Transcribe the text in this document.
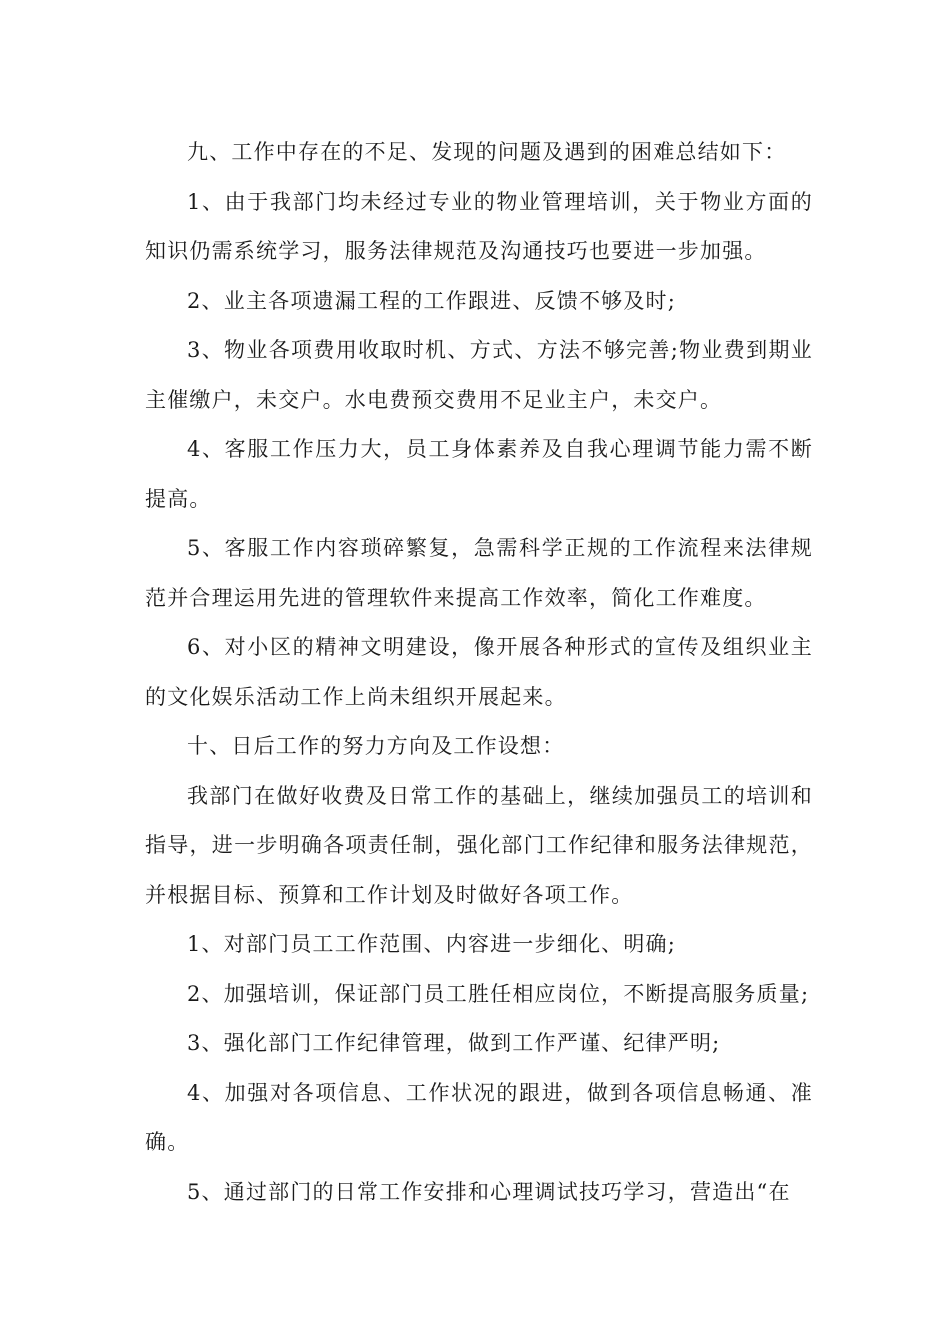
九、工作中存在的不足、发现的问题及遇到的困难总结如下：

1、由于我部门均未经过专业的物业管理培训，关于物业方面的知识仍需系统学习，服务法律规范及沟通技巧也要进一步加强。

2、业主各项遗漏工程的工作跟进、反馈不够及时;

3、物业各项费用收取时机、方式、方法不够完善;物业费到期业主催缴户，未交户。水电费预交费用不足业主户，未交户。

4、客服工作压力大，员工身体素养及自我心理调节能力需不断提高。

5、客服工作内容琐碎繁复，急需科学正规的工作流程来法律规范并合理运用先进的管理软件来提高工作效率，简化工作难度。

6、对小区的精神文明建设，像开展各种形式的宣传及组织业主的文化娱乐活动工作上尚未组织开展起来。

十、日后工作的努力方向及工作设想：

我部门在做好收费及日常工作的基础上，继续加强员工的培训和指导，进一步明确各项责任制，强化部门工作纪律和服务法律规范，并根据目标、预算和工作计划及时做好各项工作。

1、对部门员工工作范围、内容进一步细化、明确;

2、加强培训，保证部门员工胜任相应岗位，不断提高服务质量;

3、强化部门工作纪律管理，做到工作严谨、纪律严明;

4、加强对各项信息、工作状况的跟进，做到各项信息畅通、准确。

5、通过部门的日常工作安排和心理调试技巧学习，营造出“在
